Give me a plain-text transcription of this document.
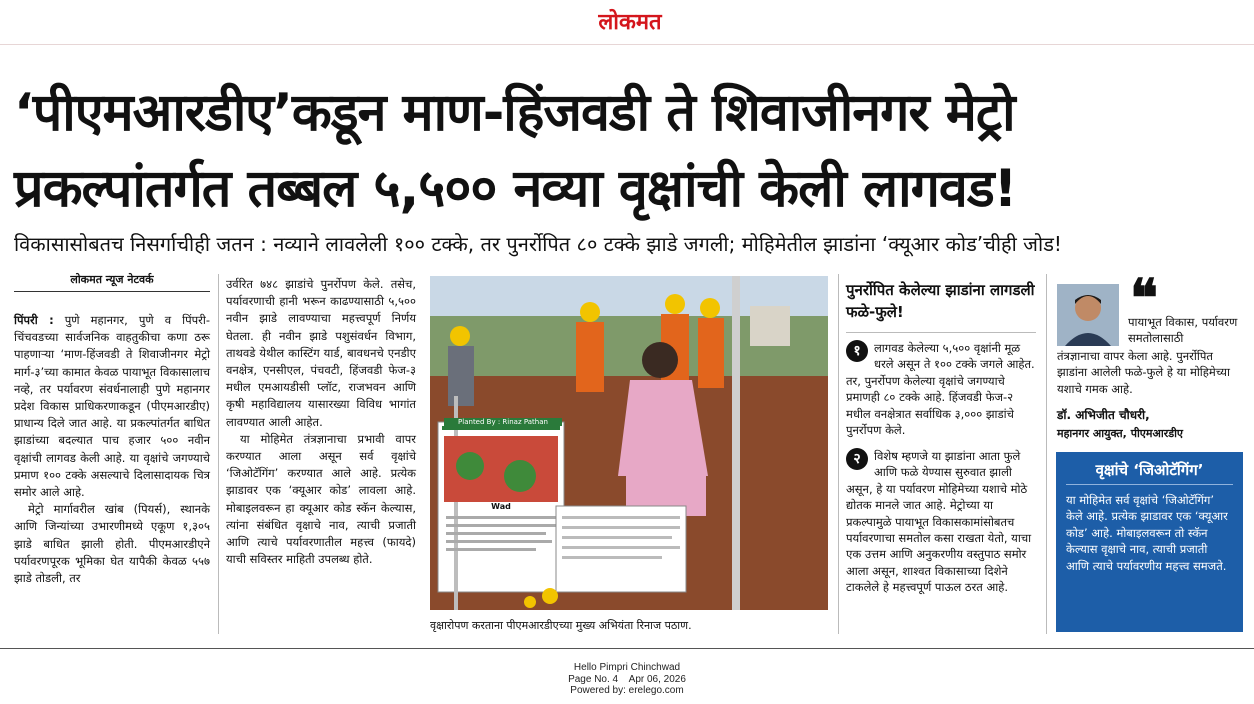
लोकमत
‘पीएमआरडीए’कडून माण-हिंजवडी ते शिवाजीनगर मेट्रो
प्रकल्पांतर्गत तब्बल ५,५०० नव्या वृक्षांची केली लागवड!
विकासासोबतच निसर्गाचीही जतन : नव्याने लावलेली १०० टक्के, तर पुनर्रोपित ८० टक्के झाडे जगली; मोहिमेतील झाडांना ‘क्यूआर कोड’चीही जोड!
लोकमत न्यूज नेटवर्क
पिंपरी : पुणे महानगर, पुणे व पिंपरी-चिंचवडच्या सार्वजनिक वाहतुकीचा कणा ठरू पाहणाऱ्या ‘माण-हिंजवडी ते शिवाजीनगर मेट्रो मार्ग-३’च्या कामात केवळ पायाभूत विकासालाच नव्हे, तर पर्यावरण संवर्धनालाही पुणे महानगर प्रदेश विकास प्राधिकरणाकडून (पीएमआरडीए) प्राधान्य दिले जात आहे. या प्रकल्पांतर्गत बाधित झाडांच्या बदल्यात पाच हजार ५०० नवीन वृक्षांची लागवड केली आहे. या वृक्षांचे जगण्याचे प्रमाण १०० टक्के असल्याचे दिलासादायक चित्र समोर आले आहे.
मेट्रो मार्गावरील खांब (पियर्स), स्थानके आणि जिन्यांच्या उभारणीमध्ये एकूण १,३०५ झाडे बाधित झाली होती. पीएमआरडीएने पर्यावरणपूरक भूमिका घेत यापैकी केवळ ५५७ झाडे तोडली, तर
उर्वरित ७४८ झाडांचे पुनर्रोपण केले. तसेच, पर्यावरणाची हानी भरून काढण्यासाठी ५,५०० नवीन झाडे लावण्याचा महत्त्वपूर्ण निर्णय घेतला. ही नवीन झाडे पशुसंवर्धन विभाग, ताथवडे येथील कास्टिंग यार्ड, बावधनचे एनडीए वनक्षेत्र, एनसीएल, पंचवटी, हिंजवडी फेज-३ मधील एमआयडीसी प्लॉट, राजभवन आणि कृषी महाविद्यालय यासारख्या विविध भागांत लावण्यात आली आहेत.
या मोहिमेत तंत्रज्ञानाचा प्रभावी वापर करण्यात आला असून सर्व वृक्षांचे ‘जिओटॅगिंग’ करण्यात आले आहे. प्रत्येक झाडावर एक ‘क्यूआर कोड’ लावला आहे. मोबाइलवरून हा क्यूआर कोड स्कॅन केल्यास, त्यांना संबंधित वृक्षाचे नाव, त्याची प्रजाती आणि त्याचे पर्यावरणातील महत्त्व (फायदे) याची सविस्तर माहिती उपलब्ध होते.
Planted By : Rinaz Pathan
Wad
वृक्षारोपण करताना पीएमआरडीएच्या मुख्य अभियंता रिनाज पठाण.
पुनर्रोपित केलेल्या झाडांना लागडली फळे-फुले!
१	लागवड केलेल्या ५,५०० वृक्षांनी मूळ धरले असून ते १०० टक्के जगले आहेत. तर, पुनर्रोपण केलेल्या वृक्षांचे जगण्याचे प्रमाणही ८० टक्के आहे. हिंजवडी फेज-२ मधील वनक्षेत्रात सर्वाधिक ३,००० झाडांचे पुनर्रोपण केले.
२	विशेष म्हणजे या झाडांना आता फुले आणि फळे येण्यास सुरुवात झाली असून, हे या पर्यावरण मोहिमेच्या यशाचे मोठे द्योतक मानले जात आहे. मेट्रोच्या या प्रकल्पामुळे पायाभूत विकासकामांसोबतच पर्यावरणाचा समतोल कसा राखता येतो, याचा एक उत्तम आणि अनुकरणीय वस्तुपाठ समोर आला असून, शाश्वत विकासाच्या दिशेने टाकलेले हे महत्त्वपूर्ण पाऊल ठरत आहे.
❝
पायाभूत विकास, पर्यावरण समतोलासाठी
तंत्रज्ञानाचा वापर केला आहे. पुनर्रोपित झाडांना आलेली फळे-फुले हे या मोहिमेच्या यशाचे गमक आहे.
डॉ. अभिजीत चौधरी,
महानगर आयुक्त, पीएमआरडीए
वृक्षांचे ‘जिओटॅगिंग’
या मोहिमेत सर्व वृक्षांचे ‘जिओटॅगिंग’ केले आहे. प्रत्येक झाडावर एक ‘क्यूआर कोड’ आहे. मोबाइलवरून तो स्कॅन केल्यास वृक्षाचे नाव, त्याची प्रजाती आणि त्याचे पर्यावरणीय महत्त्व समजते.
Hello Pimpri Chinchwad
Page No. 4    Apr 06, 2026
Powered by: erelego.com
